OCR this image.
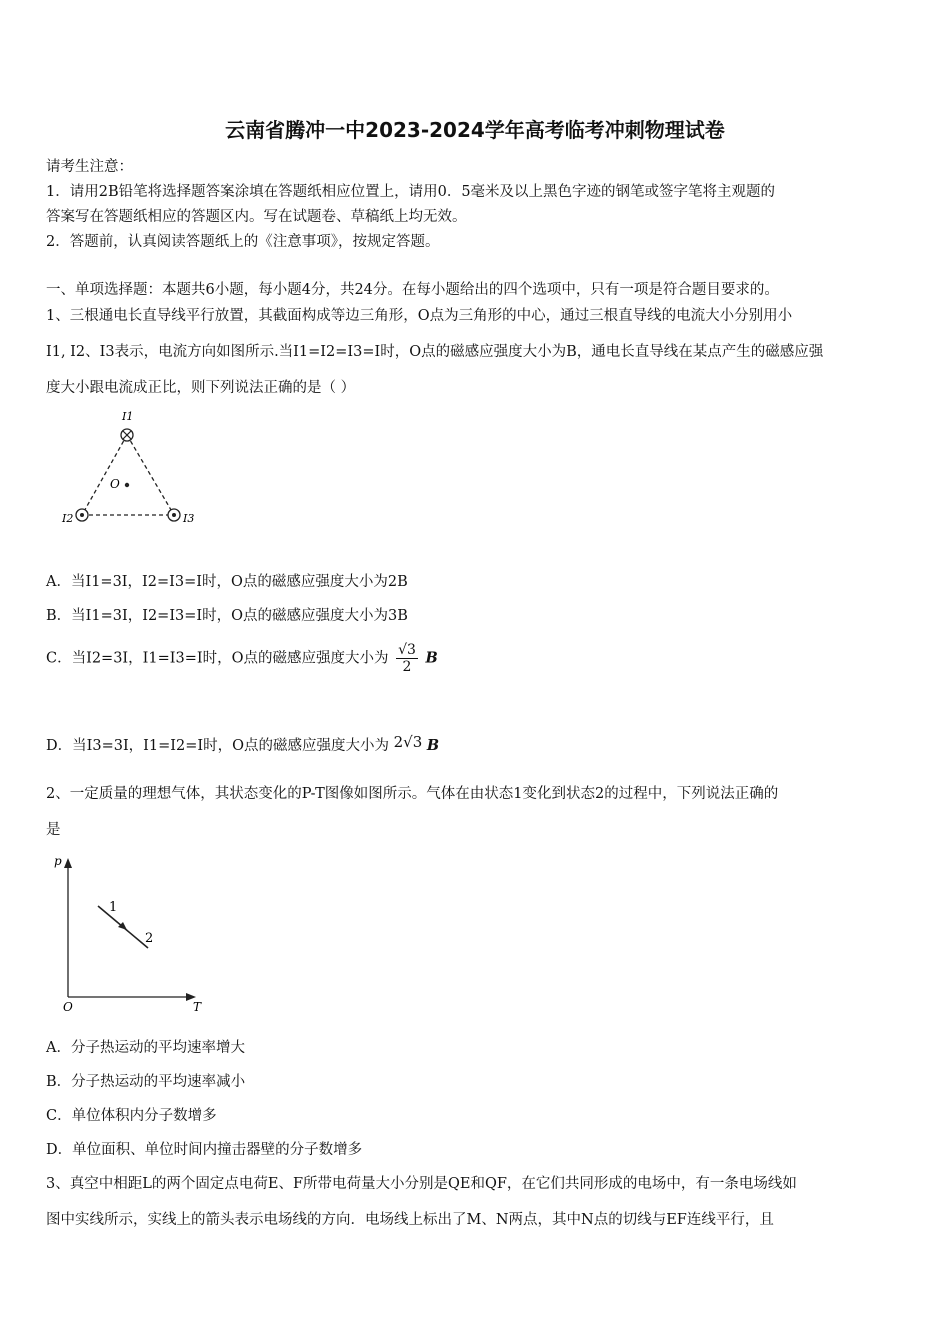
云南省腾冲一中2023-2024学年高考临考冲刺物理试卷
请考生注意：
1．请用2B铅笔将选择题答案涂填在答题纸相应位置上，请用0．5毫米及以上黑色字迹的钢笔或签字笔将主观题的
答案写在答题纸相应的答题区内。写在试题卷、草稿纸上均无效。
2．答题前，认真阅读答题纸上的《注意事项》，按规定答题。
一、单项选择题：本题共6小题，每小题4分，共24分。在每小题给出的四个选项中，只有一项是符合题目要求的。
1、三根通电长直导线平行放置，其截面构成等边三角形，O点为三角形的中心，通过三根直导线的电流大小分别用小
I1, I2、I3表示，电流方向如图所示.当I1=I2=I3=I时，O点的磁感应强度大小为B，通电长直导线在某点产生的磁感应强
度大小跟电流成正比，则下列说法正确的是（ ）
I1
I2	I3
O
A．当I1=3I，I2=I3=I时，O点的磁感应强度大小为2B
B．当I1=3I，I2=I3=I时，O点的磁感应强度大小为3B
C．当I2=3I，I1=I3=I时，O点的磁感应强度大小为 $\frac{√3}{2}$ B
D．当I3=3I，I1=I2=I时，O点的磁感应强度大小为 2√3 B
2、一定质量的理想气体，其状态变化的P-T图像如图所示。气体在由状态1变化到状态2的过程中，下列说法正确的
是
p
T
O
1
2
A．分子热运动的平均速率增大
B．分子热运动的平均速率减小
C．单位体积内分子数增多
D．单位面积、单位时间内撞击器壁的分子数增多
3、真空中相距L的两个固定点电荷E、F所带电荷量大小分别是QE和QF，在它们共同形成的电场中，有一条电场线如
图中实线所示，实线上的箭头表示电场线的方向．电场线上标出了M、N两点，其中N点的切线与EF连线平行，且
